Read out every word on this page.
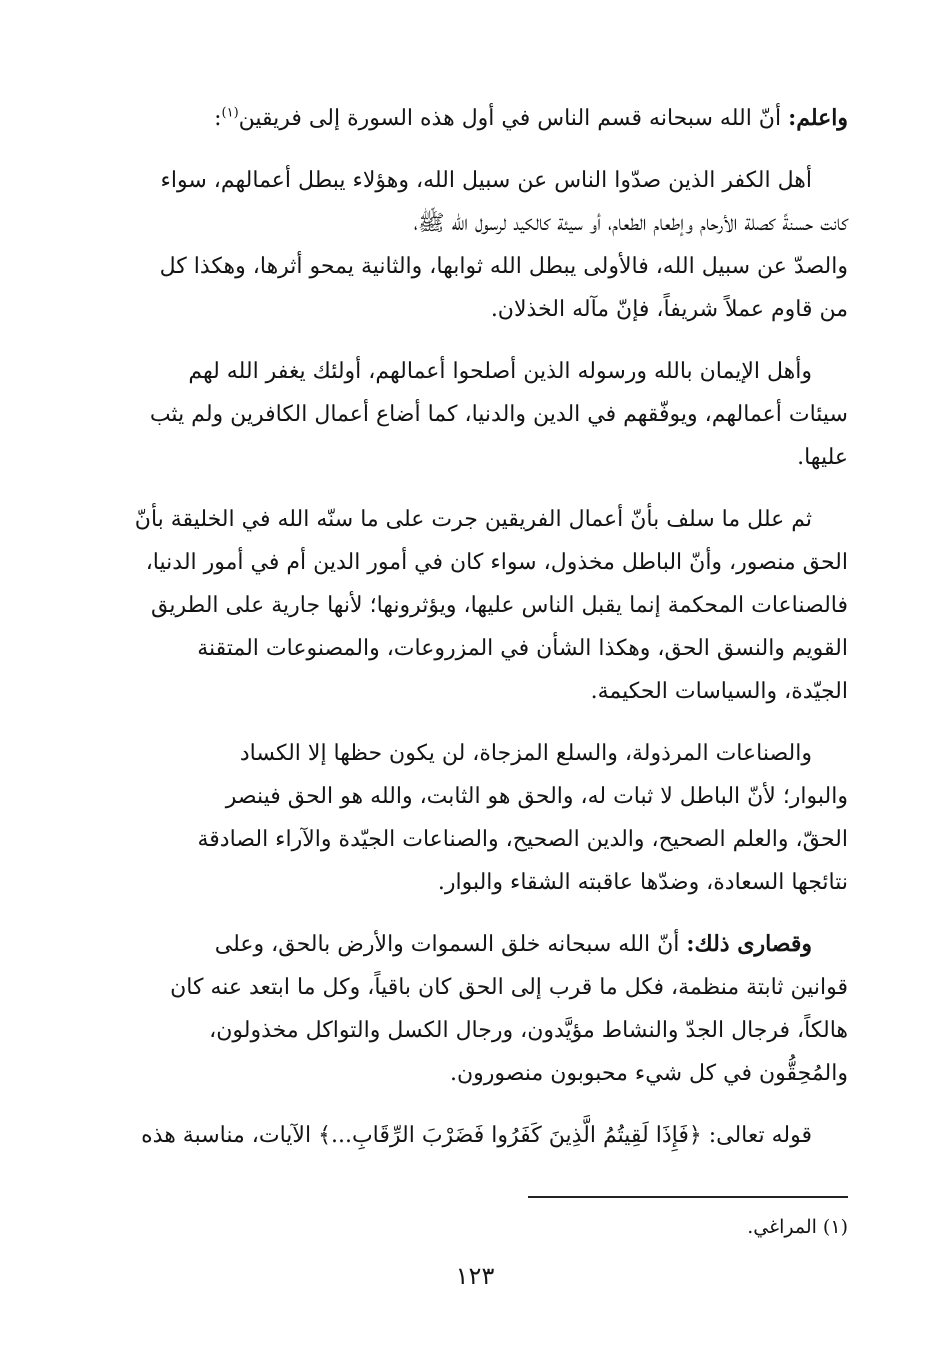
واعلم: أنّ الله سبحانه قسم الناس في أول هذه السورة إلى فريقين$^{(١)}$:

أهل الكفر الذين صدّوا الناس عن سبيل الله، وهؤلاء يبطل أعمالهم، سواء
كانت حسنةً كصلة الأرحام وإطعام الطعام، أو سيئة كالكيد لرسول الله ﷺ،
والصدّ عن سبيل الله، فالأولى يبطل الله ثوابها، والثانية يمحو أثرها، وهكذا كل
من قاوم عملاً شريفاً، فإنّ مآله الخذلان.

وأهل الإيمان بالله ورسوله الذين أصلحوا أعمالهم، أولئك يغفر الله لهم
سيئات أعمالهم، ويوفّقهم في الدين والدنيا، كما أضاع أعمال الكافرين ولم يثب
عليها.

ثم علل ما سلف بأنّ أعمال الفريقين جرت على ما سنّه الله في الخليقة بأنّ
الحق منصور، وأنّ الباطل مخذول، سواء كان في أمور الدين أم في أمور الدنيا،
فالصناعات المحكمة إنما يقبل الناس عليها، ويؤثرونها؛ لأنها جارية على الطريق
القويم والنسق الحق، وهكذا الشأن في المزروعات، والمصنوعات المتقنة
الجيّدة، والسياسات الحكيمة.

والصناعات المرذولة، والسلع المزجاة، لن يكون حظها إلا الكساد
والبوار؛ لأنّ الباطل لا ثبات له، والحق هو الثابت، والله هو الحق فينصر
الحقّ، والعلم الصحيح، والدين الصحيح، والصناعات الجيّدة والآراء الصادقة
نتائجها السعادة، وضدّها عاقبته الشقاء والبوار.

وقصارى ذلك: أنّ الله سبحانه خلق السموات والأرض بالحق، وعلى
قوانين ثابتة منظمة، فكل ما قرب إلى الحق كان باقياً، وكل ما ابتعد عنه كان
هالكاً، فرجال الجدّ والنشاط مؤيَّدون، ورجال الكسل والتواكل مخذولون،
والمُحِقُّون في كل شيء محبوبون منصورون.

قوله تعالى: ﴿فَإِذَا لَقِيتُمُ الَّذِينَ كَفَرُوا فَضَرْبَ الرِّقَابِ...﴾ الآيات، مناسبة هذه

(١) المراغي.
١٢٣
